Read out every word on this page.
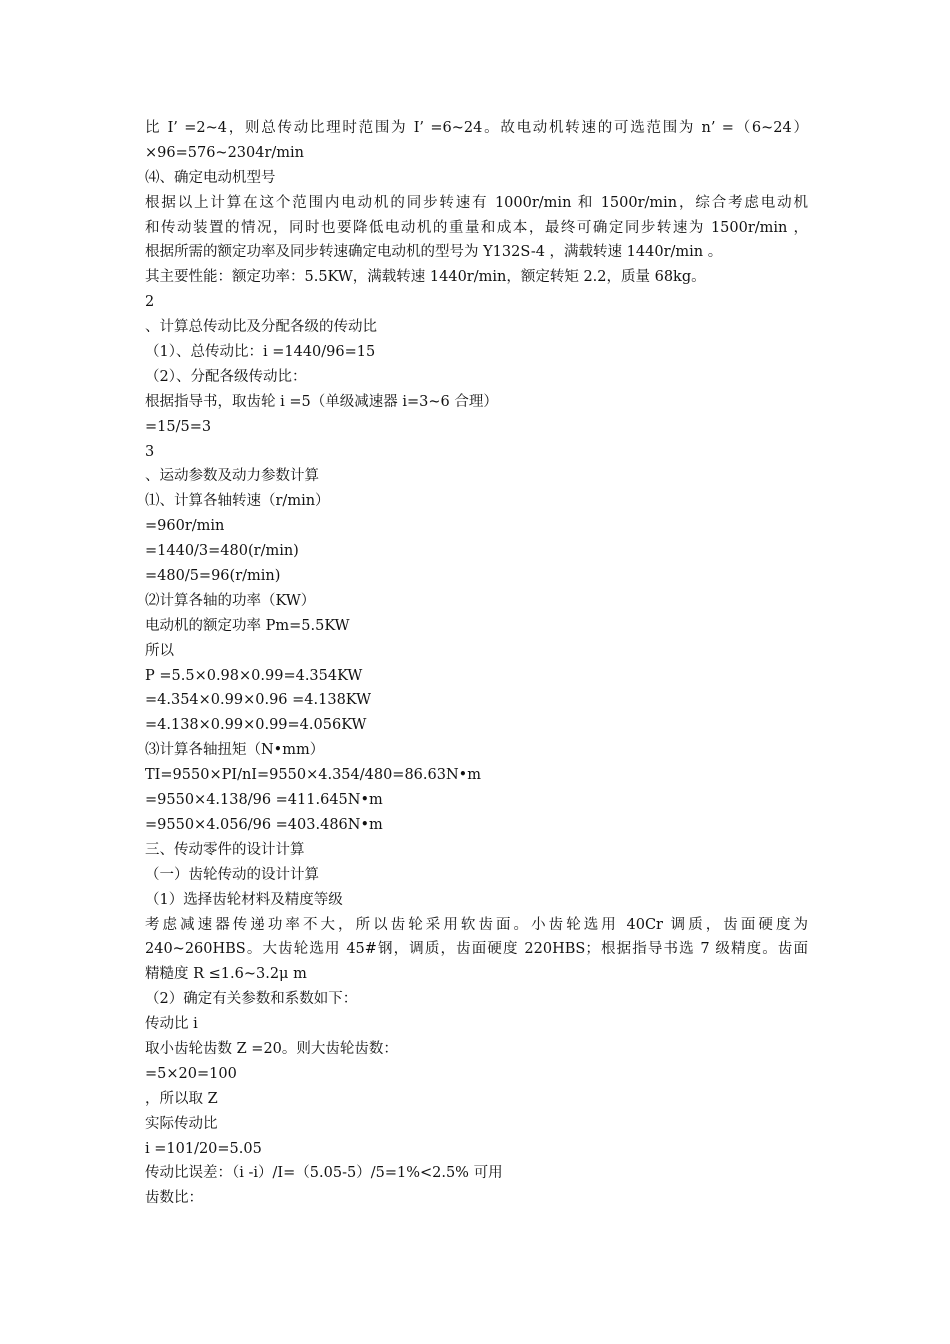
比 I’ =2~4，则总传动比理时范围为 I’ =6~24。故电动机转速的可选范围为 n’ =（6~24）
×96=576~2304r/min
⑷、确定电动机型号
根据以上计算在这个范围内电动机的同步转速有 1000r/min 和 1500r/min，综合考虑电动机
和传动装置的情况，同时也要降低电动机的重量和成本，最终可确定同步转速为 1500r/min ，
根据所需的额定功率及同步转速确定电动机的型号为 Y132S-4 ，满载转速 1440r/min 。
其主要性能：额定功率：5.5KW，满载转速 1440r/min，额定转矩 2.2，质量 68kg。
2
、计算总传动比及分配各级的传动比
（1）、总传动比：i =1440/96=15
（2）、分配各级传动比：
根据指导书，取齿轮 i =5（单级减速器 i=3~6 合理）
=15/5=3
3
、运动参数及动力参数计算
⑴、计算各轴转速（r/min）
=960r/min
=1440/3=480(r/min)
=480/5=96(r/min)
⑵计算各轴的功率（KW）
电动机的额定功率 Pm=5.5KW
所以
P =5.5×0.98×0.99=4.354KW
=4.354×0.99×0.96 =4.138KW
=4.138×0.99×0.99=4.056KW
⑶计算各轴扭矩（N•mm）
TI=9550×PI/nI=9550×4.354/480=86.63N•m
=9550×4.138/96 =411.645N•m
=9550×4.056/96 =403.486N•m
三、传动零件的设计计算
（一）齿轮传动的设计计算
（1）选择齿轮材料及精度等级
考虑减速器传递功率不大，所以齿轮采用软齿面。小齿轮选用 40Cr 调质，齿面硬度为
240~260HBS。大齿轮选用 45#钢，调质，齿面硬度 220HBS；根据指导书选 7 级精度。齿面
精糙度 R ≤1.6~3.2μ m
（2）确定有关参数和系数如下：
传动比 i
取小齿轮齿数 Z =20。则大齿轮齿数：
=5×20=100
，所以取 Z
实际传动比
i =101/20=5.05
传动比误差：（i -i）/I=（5.05-5）/5=1%<2.5% 可用
齿数比：
